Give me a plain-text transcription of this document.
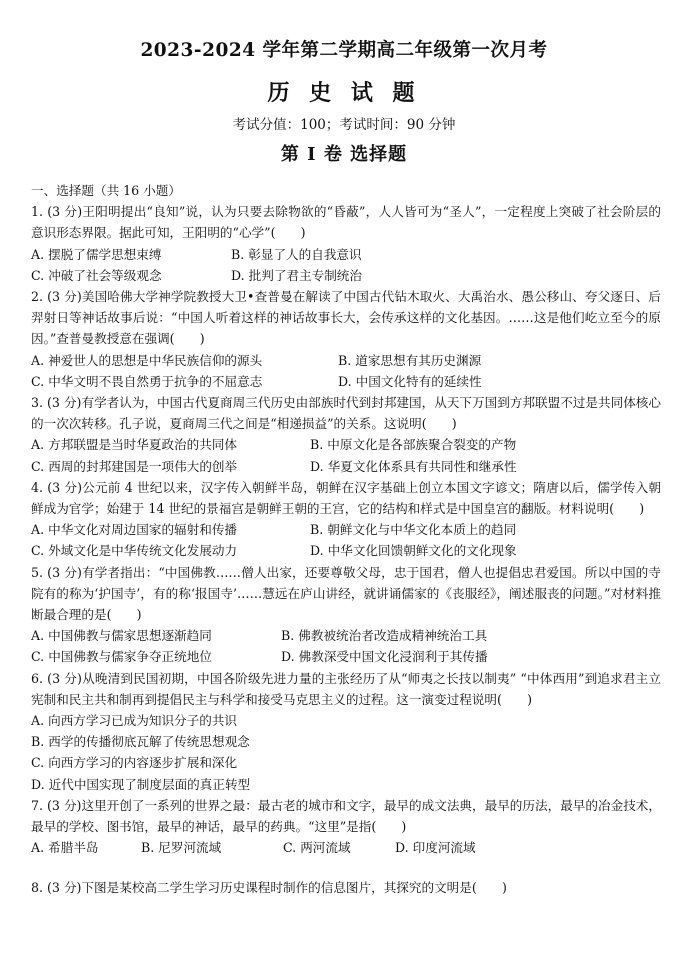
2023-2024 学年第二学期高二年级第一次月考

历 史 试 题

考试分值：100；考试时间：90 分钟

第 I 卷 选择题

一、选择题（共 16 小题）

1. (3 分)王阳明提出“良知”说，认为只要去除物欲的“昏蔽”，人人皆可为“圣人”，一定程度上突破了社会阶层的意识形态界限。据此可知，王阳明的“心学”(　　)

A. 摆脱了儒学思想束缚	B. 彰显了人的自我意识
C. 冲破了社会等级观念	D. 批判了君主专制统治

2. (3 分)美国哈佛大学神学院教授大卫•查普曼在解读了中国古代钻木取火、大禹治水、愚公移山、夸父逐日、后羿射日等神话故事后说：“中国人听着这样的神话故事长大，会传承这样的文化基因。……这是他们屹立至今的原因。”查普曼教授意在强调(　　)

A. 神爱世人的思想是中华民族信仰的源头	B. 道家思想有其历史渊源
C. 中华文明不畏自然勇于抗争的不屈意志	D. 中国文化特有的延续性

3. (3 分)有学者认为，中国古代夏商周三代历史由部族时代到封邦建国，从天下万国到方邦联盟不过是共同体核心的一次次转移。孔子说，夏商周三代之间是“相递损益”的关系。这说明(　　)

A. 方邦联盟是当时华夏政治的共同体	B. 中原文化是各部族聚合裂变的产物
C. 西周的封邦建国是一项伟大的创举	D. 华夏文化体系具有共同性和继承性

4. (3 分)公元前 4 世纪以来，汉字传入朝鲜半岛，朝鲜在汉字基础上创立本国文字谚文；隋唐以后，儒学传入朝鲜成为官学；始建于 14 世纪的景福宫是朝鲜王朝的王宫，它的结构和样式是中国皇宫的翻版。材料说明(　　)

A. 中华文化对周边国家的辐射和传播	B. 朝鲜文化与中华文化本质上的趋同
C. 外域文化是中华传统文化发展动力	D. 中华文化回馈朝鲜文化的文化现象

5. (3 分)有学者指出：“中国佛教……僧人出家，还要尊敬父母，忠于国君，僧人也提倡忠君爱国。所以中国的寺院有的称为‘护国寺’，有的称‘报国寺’……慧远在庐山讲经，就讲诵儒家的《丧服经》，阐述服丧的问题。”对材料推断最合理的是(　　)

A. 中国佛教与儒家思想逐渐趋同	B. 佛教被统治者改造成精神统治工具
C. 中国佛教与儒家争夺正统地位	D. 佛教深受中国文化浸润利于其传播

6. (3 分)从晚清到民国初期，中国各阶级先进力量的主张经历了从“师夷之长技以制夷” “中体西用”到追求君主立宪制和民主共和制再到提倡民主与科学和接受马克思主义的过程。这一演变过程说明(　　)

A. 向西方学习已成为知识分子的共识

B. 西学的传播彻底瓦解了传统思想观念

C. 向西方学习的内容逐步扩展和深化

D. 近代中国实现了制度层面的真正转型

7. (3 分)这里开创了一系列的世界之最：最古老的城市和文字，最早的成文法典，最早的历法，最早的冶金技术，最早的学校、图书馆，最早的神话，最早的药典。“这里”是指(　　)

A. 希腊半岛	B. 尼罗河流域	C. 两河流域	D. 印度河流域

8. (3 分)下图是某校高二学生学习历史课程时制作的信息图片，其探究的文明是(　　)
